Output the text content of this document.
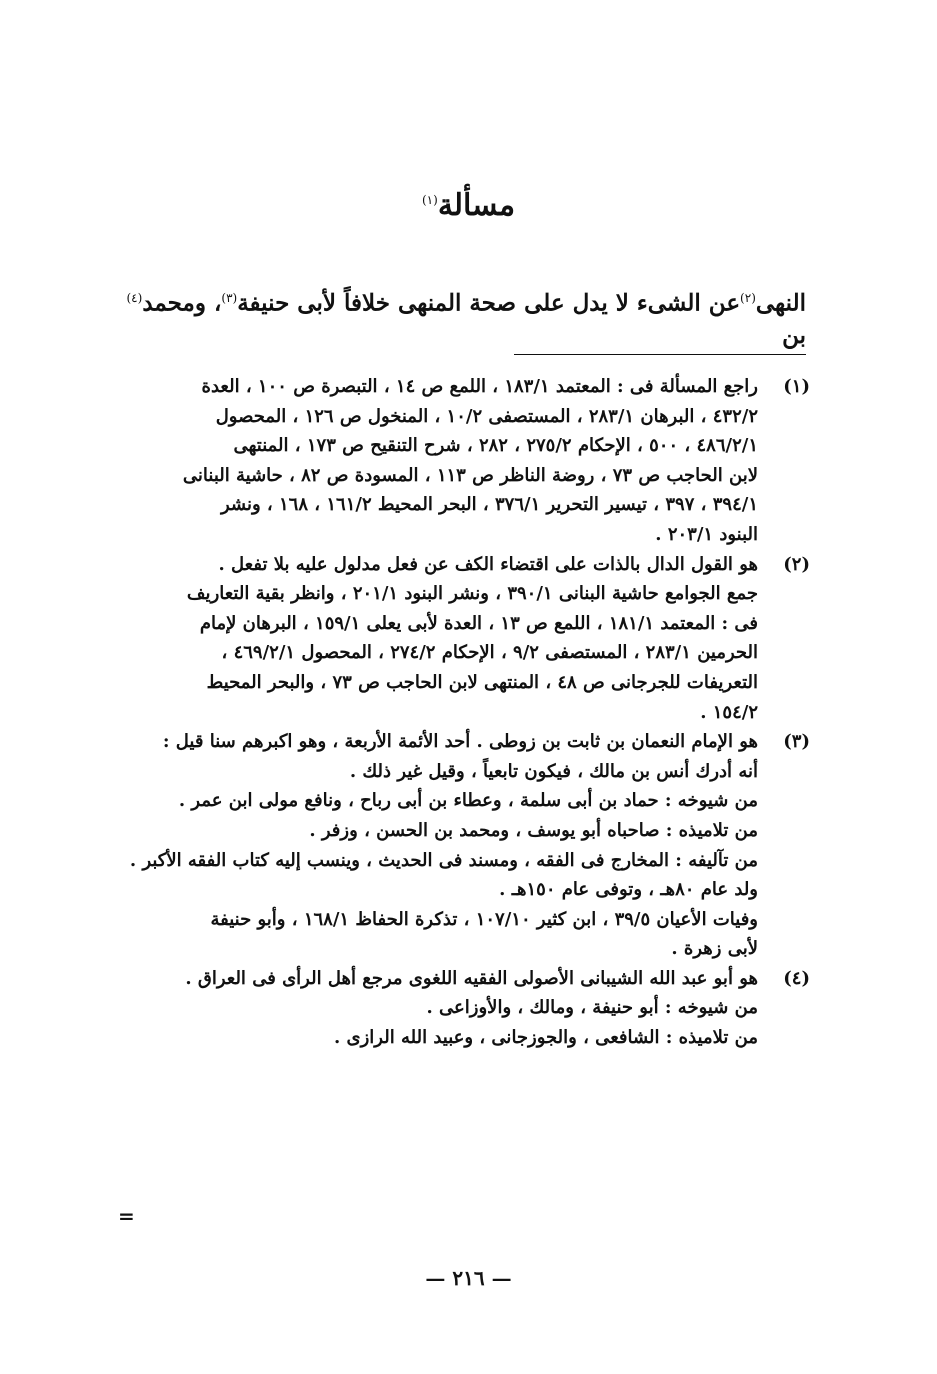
مسألة$^{(١)}$
النهى$^{(٢)}$عن الشىء لا يدل على صحة المنهى خلافاً لأبى حنيفة$^{(٣)}$، ومحمد$^{(٤)}$ بن
(١)
راجع المسألة فى : المعتمد ١٨٣/١ ، اللمع ص ١٤ ، التبصرة ص ١٠٠ ، العدة
٤٣٢/٢ ، البرهان ٢٨٣/١ ، المستصفى ١٠/٢ ، المنخول ص ١٢٦ ، المحصول
٤٨٦/٢/١ ، ٥٠٠ ، الإحكام ٢٧٥/٢ ، ٢٨٢ ، شرح التنقيح ص ١٧٣ ، المنتهى
لابن الحاجب ص ٧٣ ، روضة الناظر ص ١١٣ ، المسودة ص ٨٢ ، حاشية البنانى
٣٩٤/١ ، ٣٩٧ ، تيسير التحرير ٣٧٦/١ ، البحر المحيط ١٦١/٢ ، ١٦٨ ، ونشر
البنود ٢٠٣/١ .
(٢)
هو القول الدال بالذات على اقتضاء الكف عن فعل مدلول عليه بلا تفعل .
جمع الجوامع حاشية البنانى ٣٩٠/١ ، ونشر البنود ٢٠١/١ ، وانظر بقية التعاريف
فى : المعتمد ١٨١/١ ، اللمع ص ١٣ ، العدة لأبى يعلى ١٥٩/١ ، البرهان لإمام
الحرمين ٢٨٣/١ ، المستصفى ٩/٢ ، الإحكام ٢٧٤/٢ ، المحصول ٤٦٩/٢/١ ،
التعريفات للجرجانى ص ٤٨ ، المنتهى لابن الحاجب ص ٧٣ ، والبحر المحيط
١٥٤/٢ .
(٣)
هو الإمام النعمان بن ثابت بن زوطى . أحد الأئمة الأربعة ، وهو اكبرهم سنا قيل :
أنه أدرك أنس بن مالك ، فيكون تابعياً ، وقيل غير ذلك .
من شيوخه : حماد بن أبى سلمة ، وعطاء بن أبى رباح ، ونافع مولى ابن عمر .
من تلاميذه : صاحباه أبو يوسف ، ومحمد بن الحسن ، وزفر .
من تآليفه : المخارج فى الفقه ، ومسند فى الحديث ، وينسب إليه كتاب الفقه الأكبر .
ولد عام ٨٠هـ ، وتوفى عام ١٥٠هـ .
وفيات الأعيان ٣٩/٥ ، ابن كثير ١٠٧/١٠ ، تذكرة الحفاظ ١٦٨/١ ، وأبو حنيفة
لأبى زهرة .
(٤)
هو أبو عبد الله الشيبانى الأصولى الفقيه اللغوى مرجع أهل الرأى فى العراق .
من شيوخه : أبو حنيفة ، ومالك ، والأوزاعى .
من تلاميذه : الشافعى ، والجوزجانى ، وعبيد الله الرازى .
=
— ٢١٦ —
